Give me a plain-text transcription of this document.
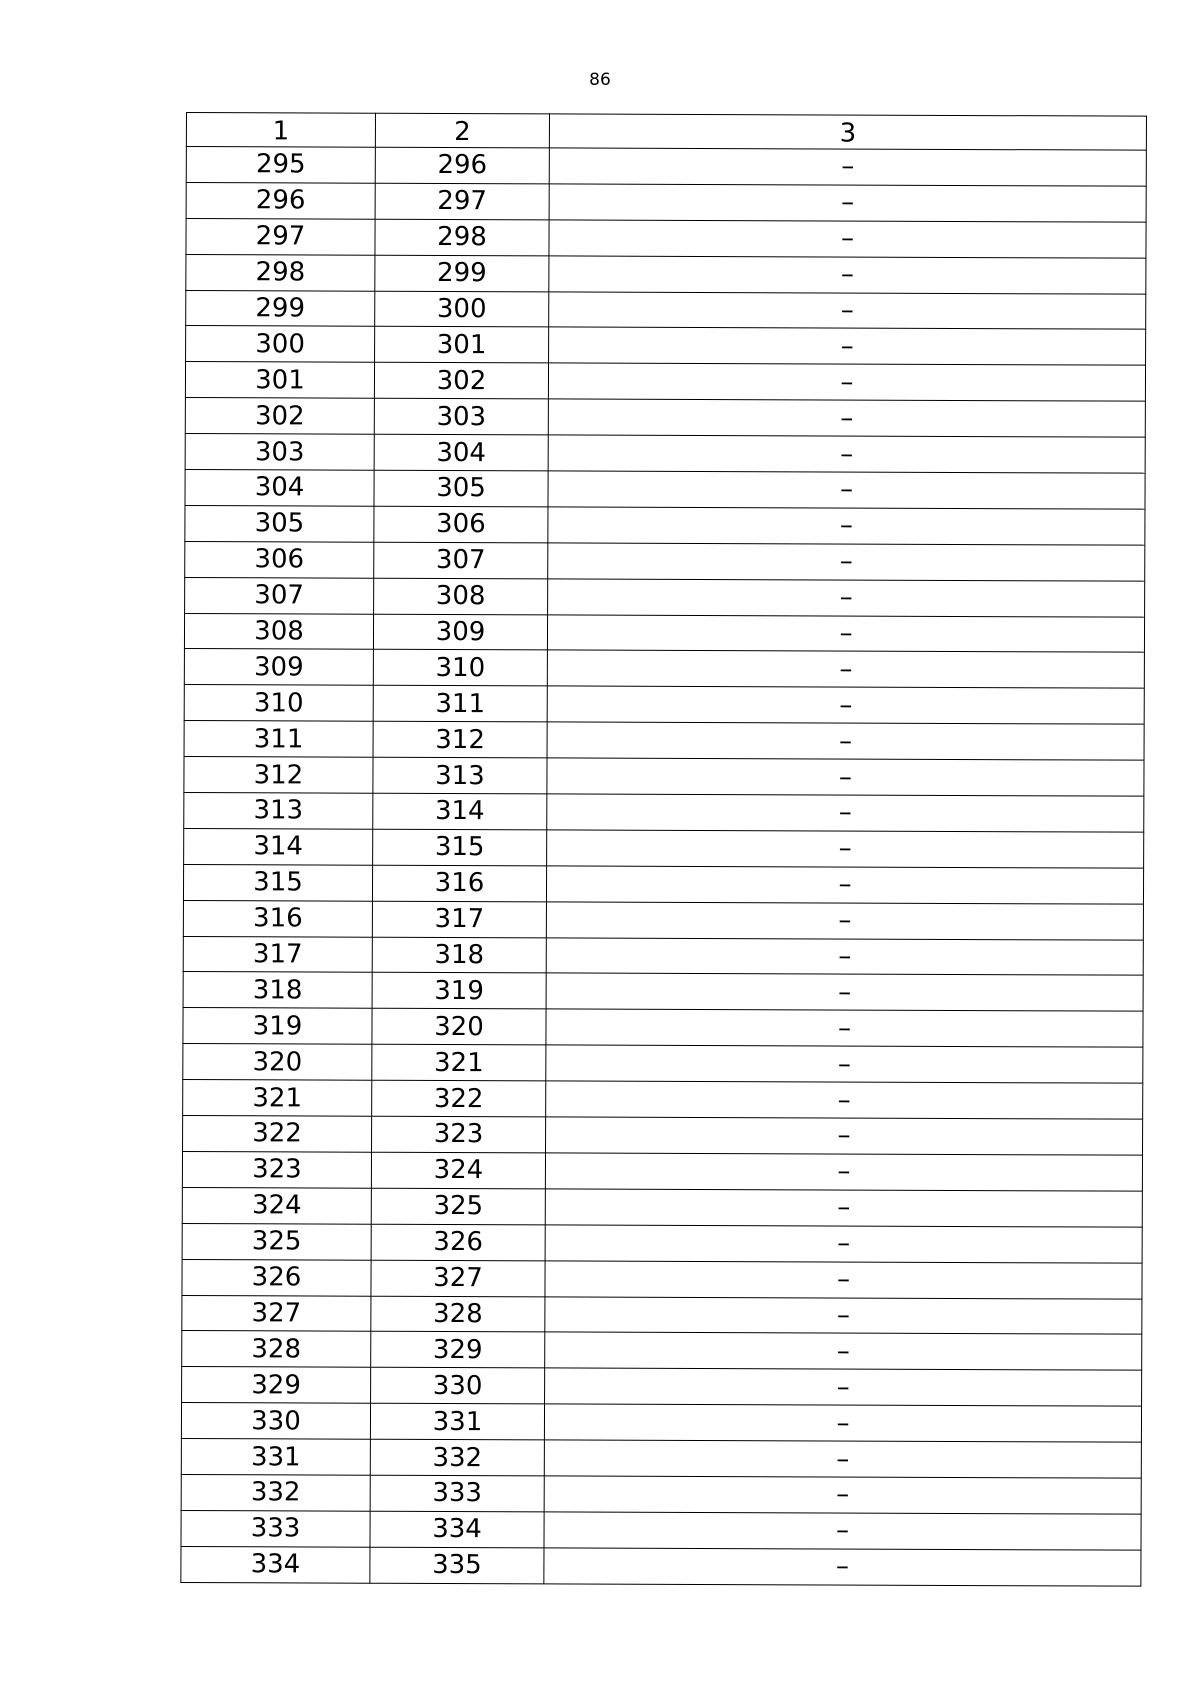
86
1	2	3
295	296	–
296	297	–
297	298	–
298	299	–
299	300	–
300	301	–
301	302	–
302	303	–
303	304	–
304	305	–
305	306	–
306	307	–
307	308	–
308	309	–
309	310	–
310	311	–
311	312	–
312	313	–
313	314	–
314	315	–
315	316	–
316	317	–
317	318	–
318	319	–
319	320	–
320	321	–
321	322	–
322	323	–
323	324	–
324	325	–
325	326	–
326	327	–
327	328	–
328	329	–
329	330	–
330	331	–
331	332	–
332	333	–
333	334	–
334	335	–
